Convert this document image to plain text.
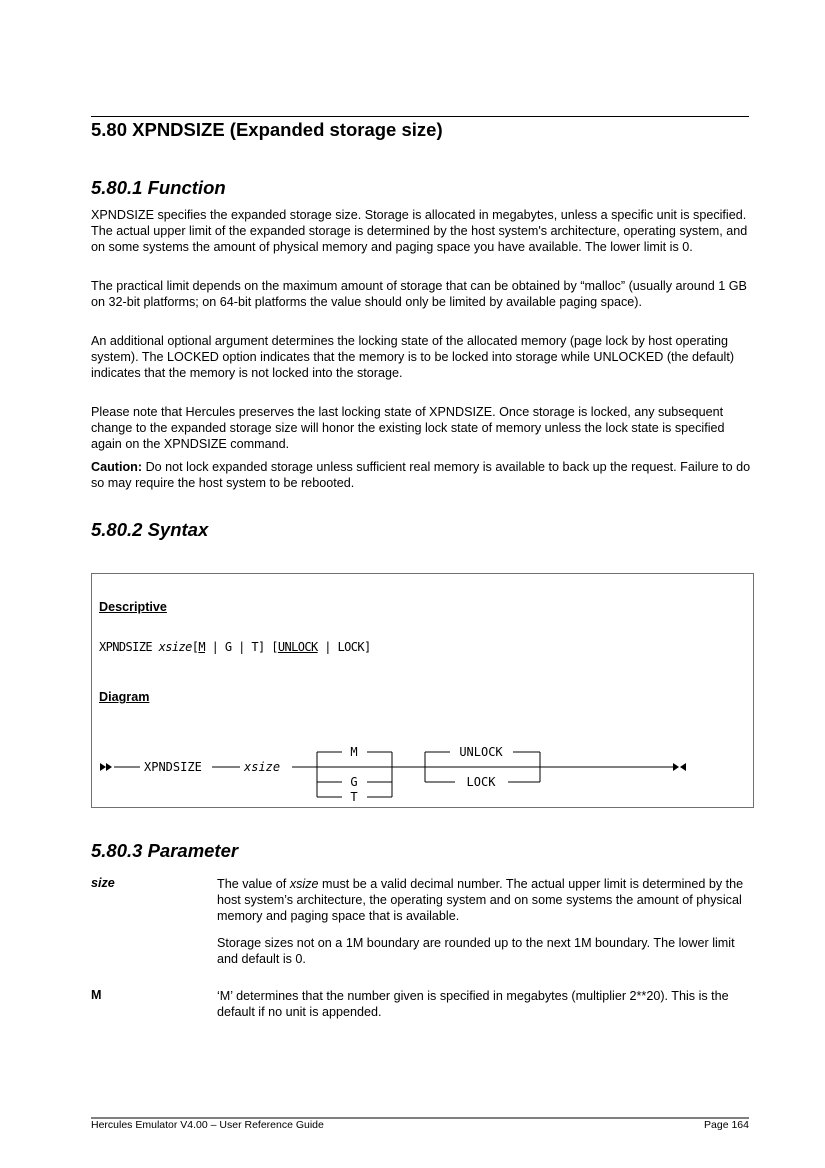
5.80 XPNDSIZE (Expanded storage size)
5.80.1 Function
XPNDSIZE specifies the expanded storage size. Storage is allocated in megabytes, unless a specific unit is specified. The actual upper limit of the expanded storage is determined by the host system's architecture, operating system, and on some systems the amount of physical memory and paging space you have available. The lower limit is 0.
The practical limit depends on the maximum amount of storage that can be obtained by “malloc” (usually around 1 GB on 32-bit platforms; on 64-bit platforms the value should only be limited by available paging space).
An additional optional argument determines the locking state of the allocated memory (page lock by host operating system). The LOCKED option indicates that the memory is to be locked into storage while UNLOCKED (the default) indicates that the memory is not locked into the storage.
Please note that Hercules preserves the last locking state of XPNDSIZE. Once storage is locked, any subsequent change to the expanded storage size will honor the existing lock state of memory unless the lock state is specified again on the XPNDSIZE command.
Caution: Do not lock expanded storage unless sufficient real memory is available to back up the request. Failure to do so may require the host system to be rebooted.
5.80.2 Syntax
Descriptive
XPNDSIZE xsize[M | G | T] [UNLOCK | LOCK]
Diagram
XPNDSIZE	xsize
M
G
T
UNLOCK
LOCK
5.80.3 Parameter
size	The value of xsize must be a valid decimal number. The actual upper limit is determined by the host system’s architecture, the operating system and on some systems the amount of physical memory and paging space that is available.
Storage sizes not on a 1M boundary are rounded up to the next 1M boundary. The lower limit and default is 0.
M	‘M’ determines that the number given is specified in megabytes (multiplier 2**20). This is the default if no unit is appended.
Hercules Emulator V4.00 – User Reference Guide	Page 164
